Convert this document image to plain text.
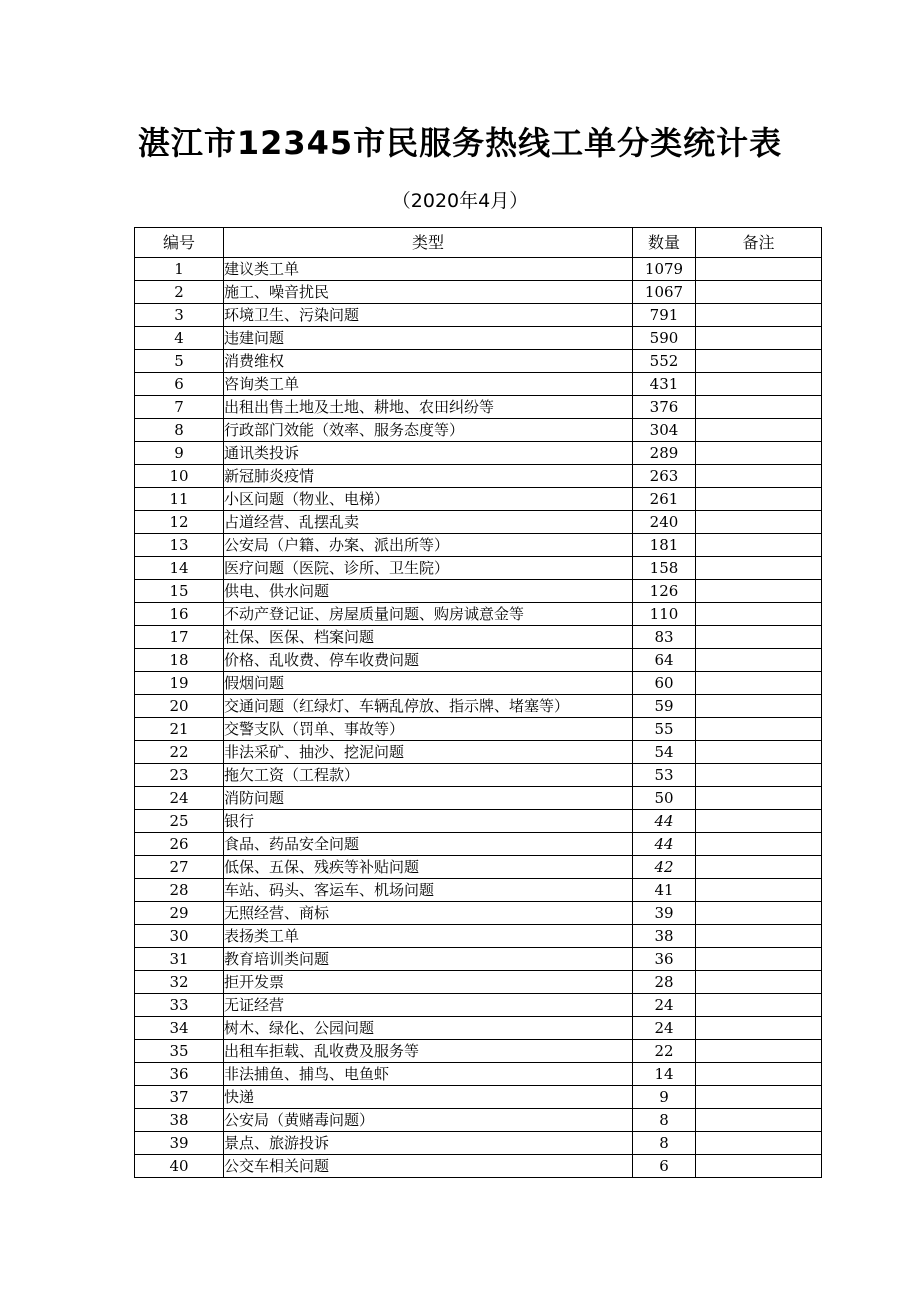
湛江市12345市民服务热线工单分类统计表
（2020年4月）
编号	类型	数量	备注
1	建议类工单	1079	
2	施工、噪音扰民	1067	
3	环境卫生、污染问题	791	
4	违建问题	590	
5	消费维权	552	
6	咨询类工单	431	
7	出租出售土地及土地、耕地、农田纠纷等	376	
8	行政部门效能（效率、服务态度等）	304	
9	通讯类投诉	289	
10	新冠肺炎疫情	263	
11	小区问题（物业、电梯）	261	
12	占道经营、乱摆乱卖	240	
13	公安局（户籍、办案、派出所等）	181	
14	医疗问题（医院、诊所、卫生院）	158	
15	供电、供水问题	126	
16	不动产登记证、房屋质量问题、购房诚意金等	110	
17	社保、医保、档案问题	83	
18	价格、乱收费、停车收费问题	64	
19	假烟问题	60	
20	交通问题（红绿灯、车辆乱停放、指示牌、堵塞等）	59	
21	交警支队（罚单、事故等）	55	
22	非法采矿、抽沙、挖泥问题	54	
23	拖欠工资（工程款）	53	
24	消防问题	50	
25	银行	44	
26	食品、药品安全问题	44	
27	低保、五保、残疾等补贴问题	42	
28	车站、码头、客运车、机场问题	41	
29	无照经营、商标	39	
30	表扬类工单	38	
31	教育培训类问题	36	
32	拒开发票	28	
33	无证经营	24	
34	树木、绿化、公园问题	24	
35	出租车拒载、乱收费及服务等	22	
36	非法捕鱼、捕鸟、电鱼虾	14	
37	快递	9	
38	公安局（黄赌毒问题）	8	
39	景点、旅游投诉	8	
40	公交车相关问题	6	
